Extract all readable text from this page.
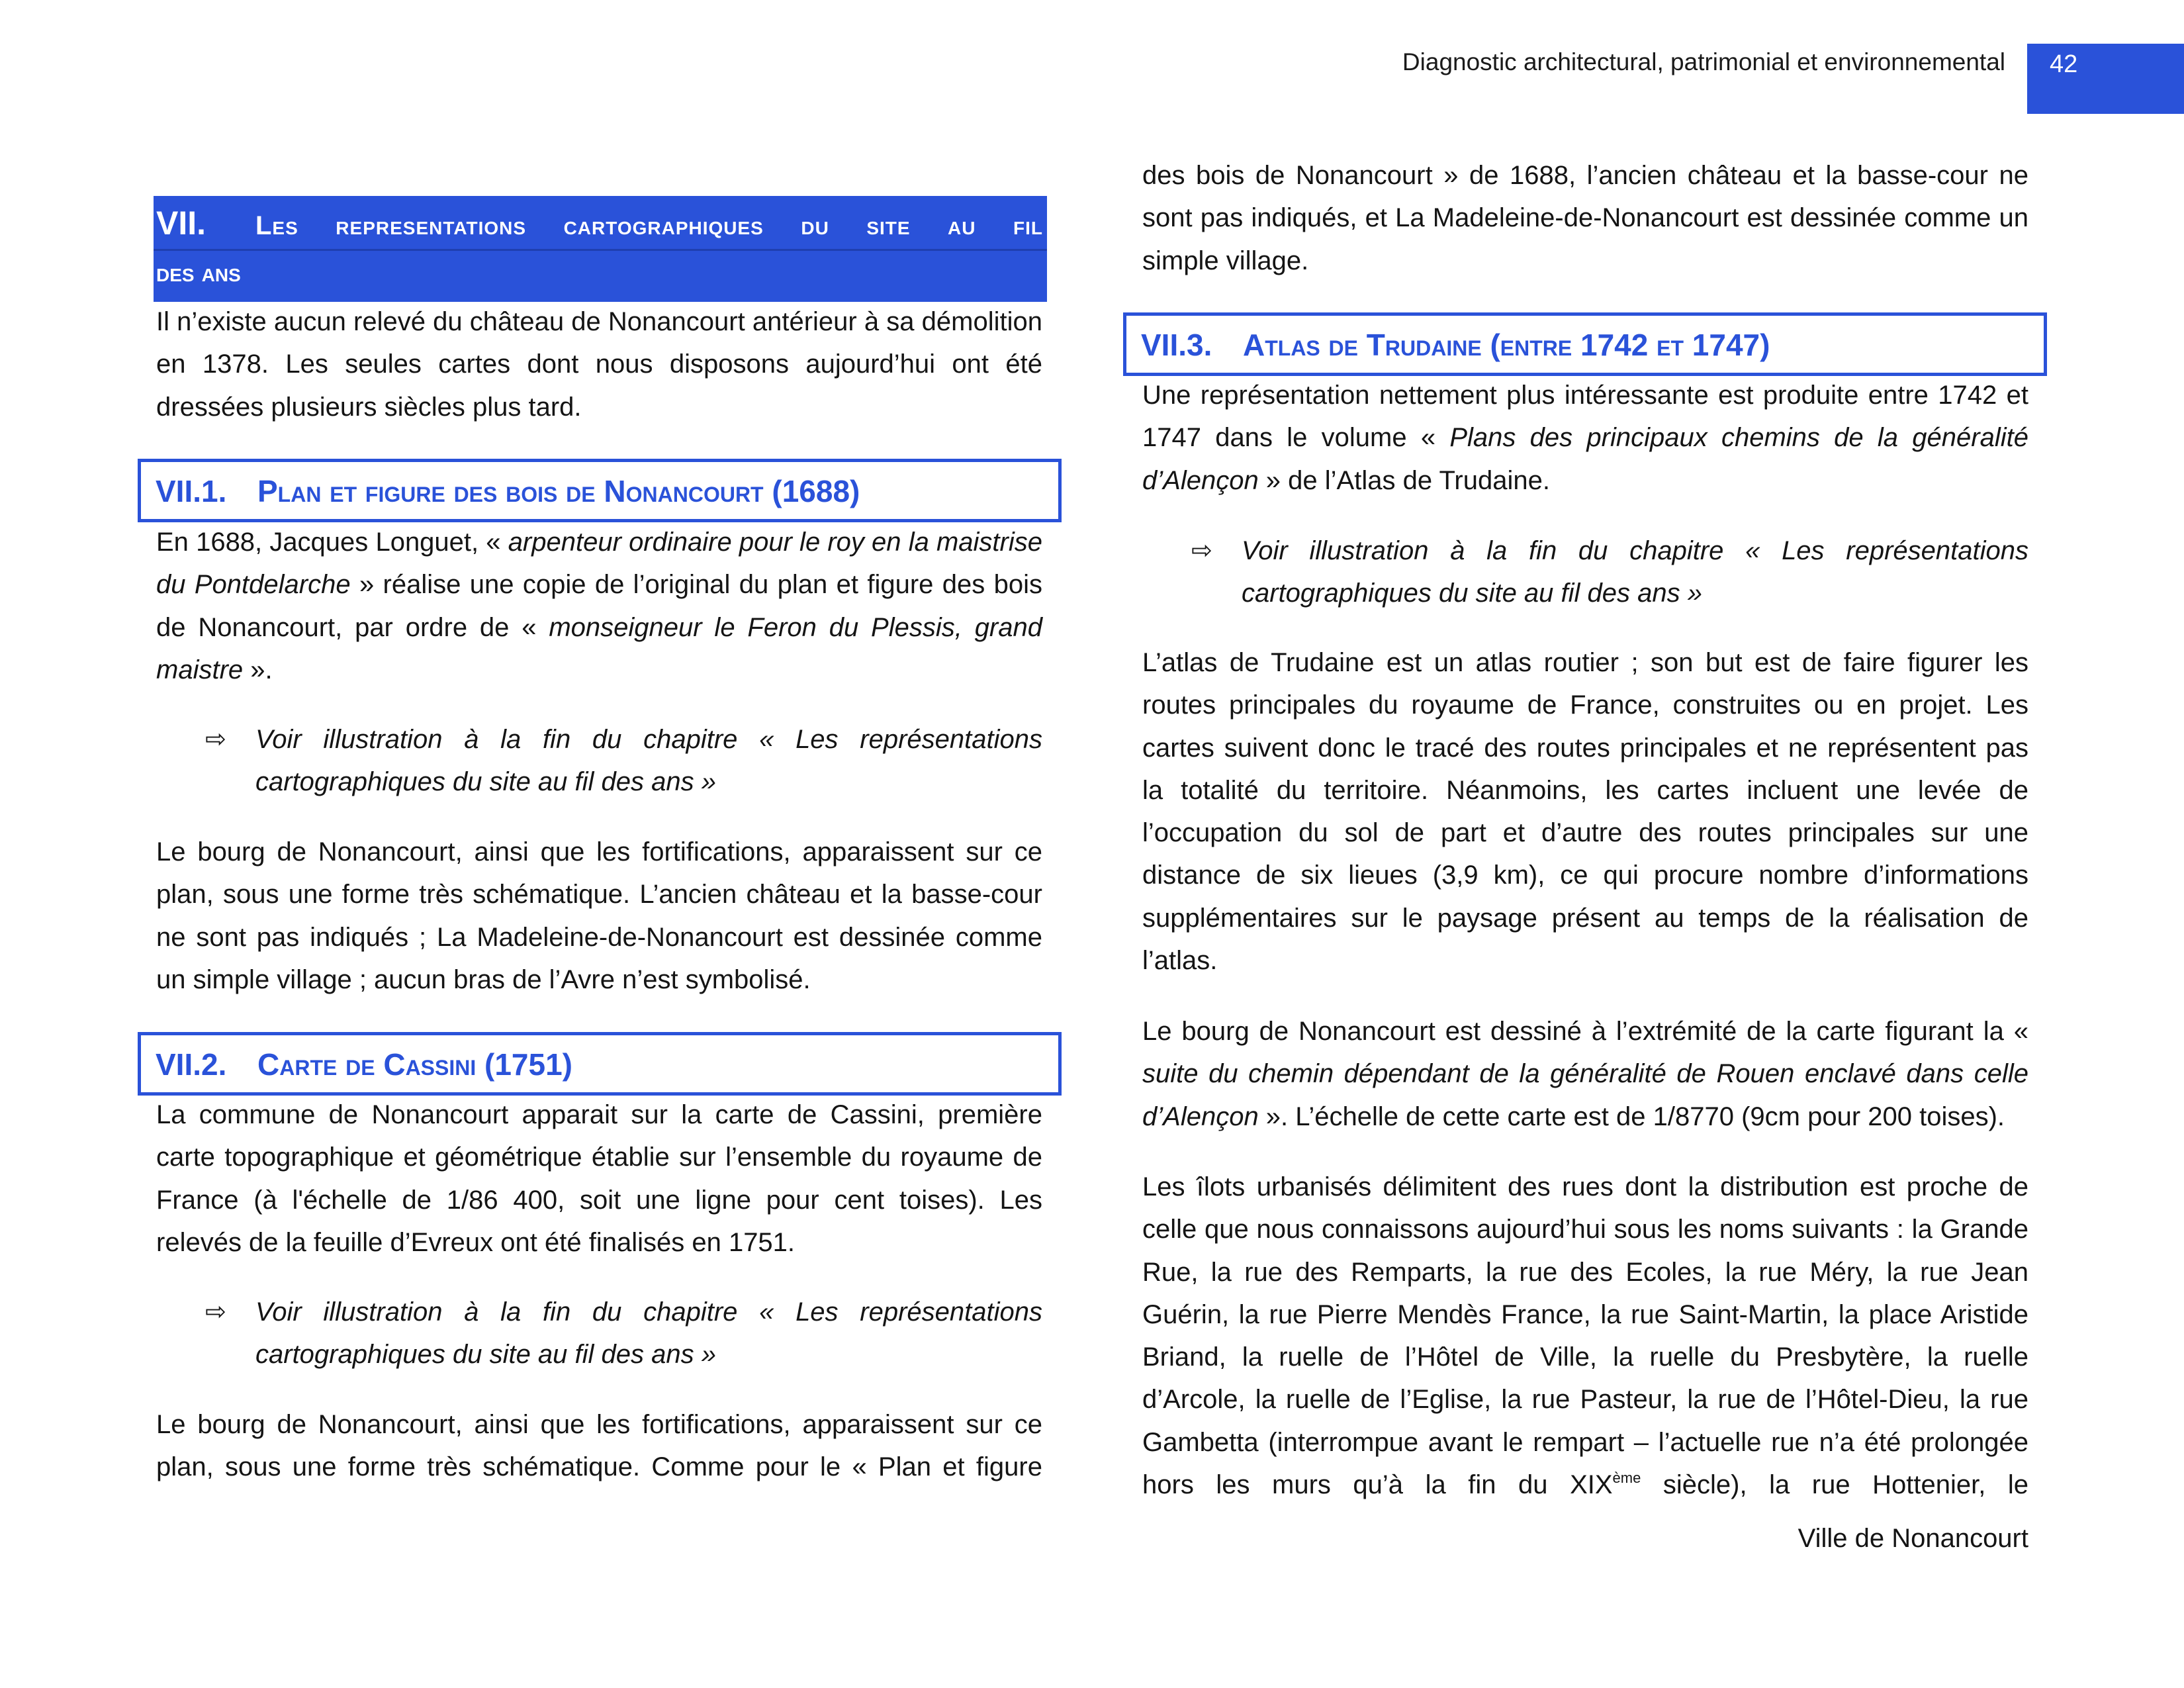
Diagnostic architectural, patrimonial et environnemental	42
VII. Les representations cartographiques du site au fil
des ans

Il n’existe aucun relevé du château de Nonancourt antérieur à sa démolition en 1378. Les seules cartes dont nous disposons aujourd’hui ont été dressées plusieurs siècles plus tard.

VII.1. Plan et figure des bois de Nonancourt (1688)

En 1688, Jacques Longuet, « arpenteur ordinaire pour le roy en la maistrise du Pontdelarche » réalise une copie de l’original du plan et figure des bois de Nonancourt, par ordre de « monseigneur le Feron du Plessis, grand maistre ».

⇨ Voir illustration à la fin du chapitre « Les représentations cartographiques du site au fil des ans »

Le bourg de Nonancourt, ainsi que les fortifications, apparaissent sur ce plan, sous une forme très schématique. L’ancien château et la basse-cour ne sont pas indiqués ; La Madeleine-de-Nonancourt est dessinée comme un simple village ; aucun bras de l’Avre n’est symbolisé.

VII.2. Carte de Cassini (1751)

La commune de Nonancourt apparait sur la carte de Cassini, première carte topographique et géométrique établie sur l’ensemble du royaume de France (à l'échelle de 1/86 400, soit une ligne pour cent toises). Les relevés de la feuille d’Evreux ont été finalisés en 1751.

⇨ Voir illustration à la fin du chapitre « Les représentations cartographiques du site au fil des ans »

Le bourg de Nonancourt, ainsi que les fortifications, apparaissent sur ce plan, sous une forme très schématique. Comme pour le « Plan et figure

des bois de Nonancourt » de 1688, l’ancien château et la basse-cour ne sont pas indiqués, et La Madeleine-de-Nonancourt est dessinée comme un simple village.

VII.3. Atlas de Trudaine (entre 1742 et 1747)

Une représentation nettement plus intéressante est produite entre 1742 et 1747 dans le volume « Plans des principaux chemins de la généralité d’Alençon » de l’Atlas de Trudaine.

⇨ Voir illustration à la fin du chapitre « Les représentations cartographiques du site au fil des ans »

L’atlas de Trudaine est un atlas routier ; son but est de faire figurer les routes principales du royaume de France, construites ou en projet. Les cartes suivent donc le tracé des routes principales et ne représentent pas la totalité du territoire. Néanmoins, les cartes incluent une levée de l’occupation du sol de part et d’autre des routes principales sur une distance de six lieues (3,9 km), ce qui procure nombre d’informations supplémentaires sur le paysage présent au temps de la réalisation de l’atlas.

Le bourg de Nonancourt est dessiné à l’extrémité de la carte figurant la « suite du chemin dépendant de la généralité de Rouen enclavé dans celle d’Alençon ». L’échelle de cette carte est de 1/8770 (9cm pour 200 toises).

Les îlots urbanisés délimitent des rues dont la distribution est proche de celle que nous connaissons aujourd’hui sous les noms suivants : la Grande Rue, la rue des Remparts, la rue des Ecoles, la rue Méry, la rue Jean Guérin, la rue Pierre Mendès France, la rue Saint-Martin, la place Aristide Briand, la ruelle de l’Hôtel de Ville, la ruelle du Presbytère, la ruelle d’Arcole, la ruelle de l’Eglise, la rue Pasteur, la rue de l’Hôtel-Dieu, la rue Gambetta (interrompue avant le rempart – l’actuelle rue n’a été prolongée hors les murs qu’à la fin du XIXème siècle), la rue Hottenier, le

Ville de Nonancourt
